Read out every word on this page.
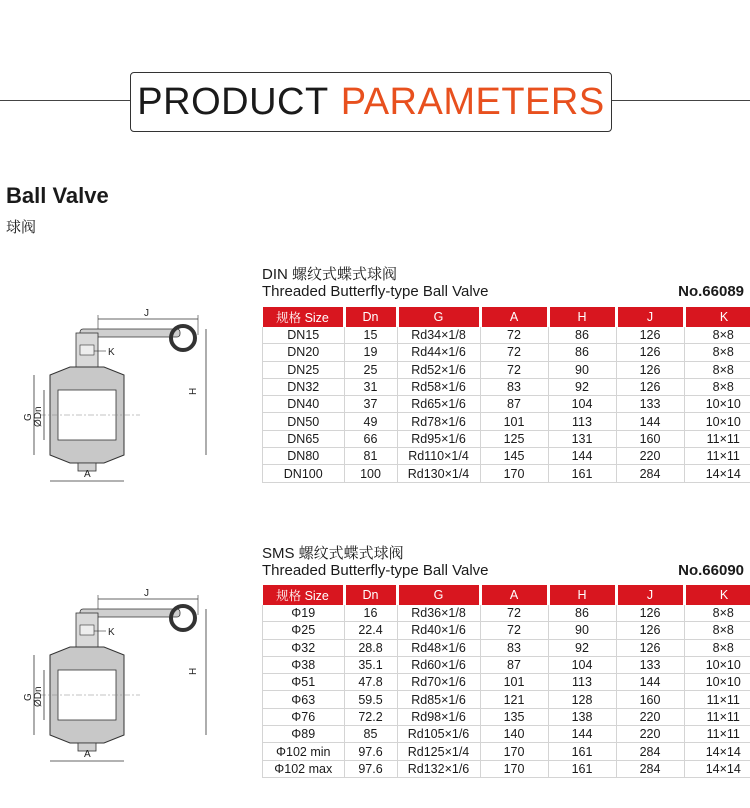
PRODUCT PARAMETERS
Ball Valve
球阀
DIN 螺纹式蝶式球阀
Threaded Butterfly-type Ball Valve	No.66089
规格 Size	Dn	G	A	H	J	K
DN15	15	Rd34×1/8	72	86	126	8×8
DN20	19	Rd44×1/6	72	86	126	8×8
DN25	25	Rd52×1/6	72	90	126	8×8
DN32	31	Rd58×1/6	83	92	126	8×8
DN40	37	Rd65×1/6	87	104	133	10×10
DN50	49	Rd78×1/6	101	113	144	10×10
DN65	66	Rd95×1/6	125	131	160	11×11
DN80	81	Rd110×1/4	145	144	220	11×11
DN100	100	Rd130×1/4	170	161	284	14×14
SMS 螺纹式蝶式球阀
Threaded Butterfly-type Ball Valve	No.66090
规格 Size	Dn	G	A	H	J	K
Φ19	16	Rd36×1/8	72	86	126	8×8
Φ25	22.4	Rd40×1/6	72	90	126	8×8
Φ32	28.8	Rd48×1/6	83	92	126	8×8
Φ38	35.1	Rd60×1/6	87	104	133	10×10
Φ51	47.8	Rd70×1/6	101	113	144	10×10
Φ63	59.5	Rd85×1/6	121	128	160	11×11
Φ76	72.2	Rd98×1/6	135	138	220	11×11
Φ89	85	Rd105×1/6	140	144	220	11×11
Φ102 min	97.6	Rd125×1/4	170	161	284	14×14
Φ102 max	97.6	Rd132×1/6	170	161	284	14×14
J
K
H
G ØDn
A
J
K
H
G ØDn
A
